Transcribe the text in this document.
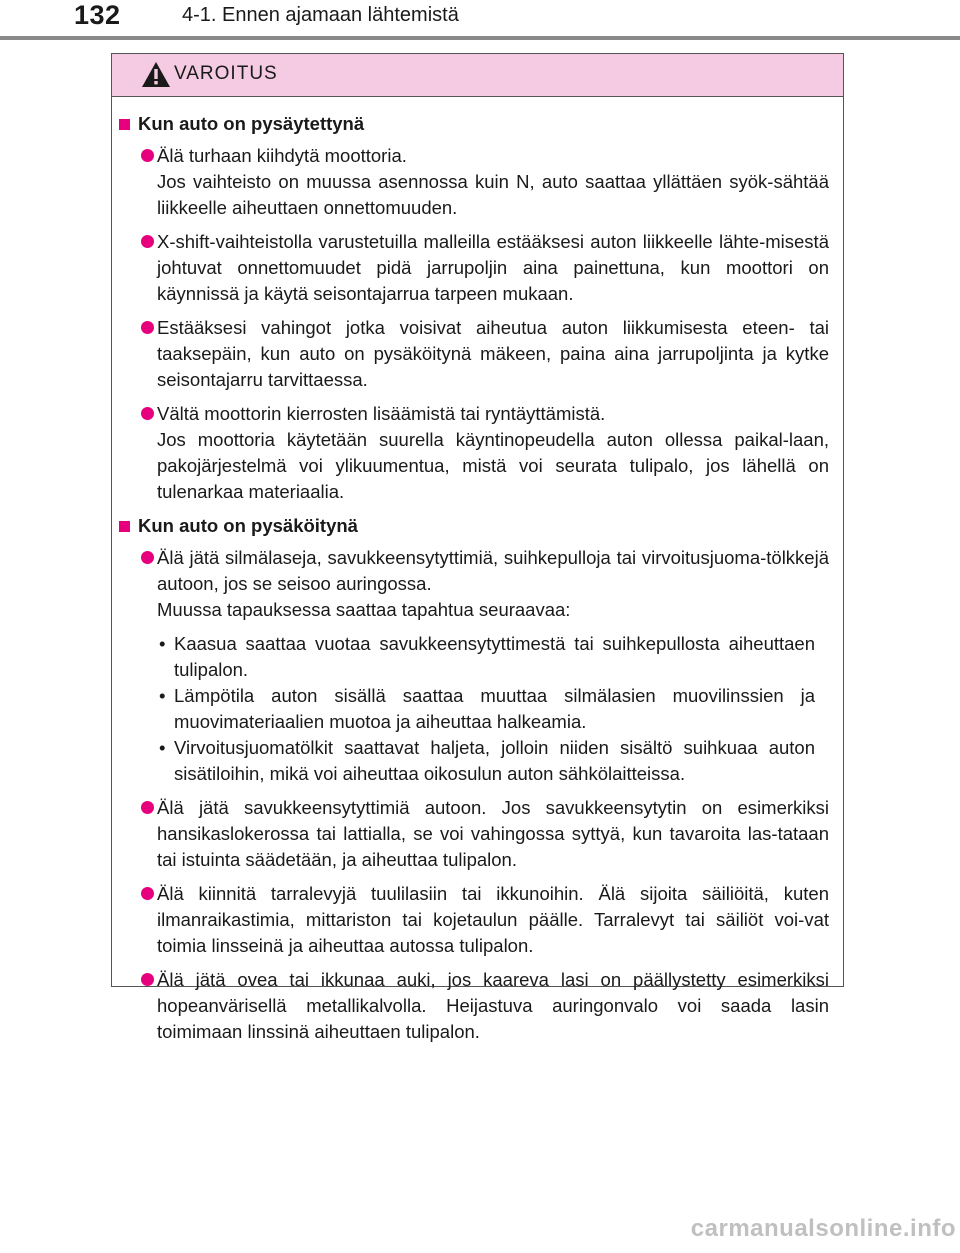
132	4-1. Ennen ajamaan lähtemistä
VAROITUS
Kun auto on pysäytettynä

Älä turhaan kiihdytä moottoria.

Jos vaihteisto on muussa asennossa kuin N, auto saattaa yllättäen syök-sähtää liikkeelle aiheuttaen onnettomuuden.

X-shift-vaihteistolla varustetuilla malleilla estääksesi auton liikkeelle lähte-misestä johtuvat onnettomuudet pidä jarrupoljin aina painettuna, kun moottori on käynnissä ja käytä seisontajarrua tarpeen mukaan.

Estääksesi vahingot jotka voisivat aiheutua auton liikkumisesta eteen- tai taaksepäin, kun auto on pysäköitynä mäkeen, paina aina jarrupoljinta ja kytke seisontajarru tarvittaessa.

Vältä moottorin kierrosten lisäämistä tai ryntäyttämistä.

Jos moottoria käytetään suurella käyntinopeudella auton ollessa paikal-laan, pakojärjestelmä voi ylikuumentua, mistä voi seurata tulipalo, jos lähellä on tulenarkaa materiaalia.

Kun auto on pysäköitynä

Älä jätä silmälaseja, savukkeensytyttimiä, suihkepulloja tai virvoitusjuoma-tölkkejä autoon, jos se seisoo auringossa.

Muussa tapauksessa saattaa tapahtua seuraavaa:

• Kaasua saattaa vuotaa savukkeensytyttimestä tai suihkepullosta aiheuttaen tulipalon.
• Lämpötila auton sisällä saattaa muuttaa silmälasien muovilinssien ja muovimateriaalien muotoa ja aiheuttaa halkeamia.
• Virvoitusjuomatölkit saattavat haljeta, jolloin niiden sisältö suihkuaa auton sisätiloihin, mikä voi aiheuttaa oikosulun auton sähkölaitteissa.

Älä jätä savukkeensytyttimiä autoon. Jos savukkeensytytin on esimerkiksi hansikaslokerossa tai lattialla, se voi vahingossa syttyä, kun tavaroita las-tataan tai istuinta säädetään, ja aiheuttaa tulipalon.

Älä kiinnitä tarralevyjä tuulilasiin tai ikkunoihin. Älä sijoita säiliöitä, kuten ilmanraikastimia, mittariston tai kojetaulun päälle. Tarralevyt tai säiliöt voi-vat toimia linsseinä ja aiheuttaa autossa tulipalon.

Älä jätä ovea tai ikkunaa auki, jos kaareva lasi on päällystetty esimerkiksi hopeanvärisellä metallikalvolla. Heijastuva auringonvalo voi saada lasin toimimaan linssinä aiheuttaen tulipalon.

carmanualsonline.info
